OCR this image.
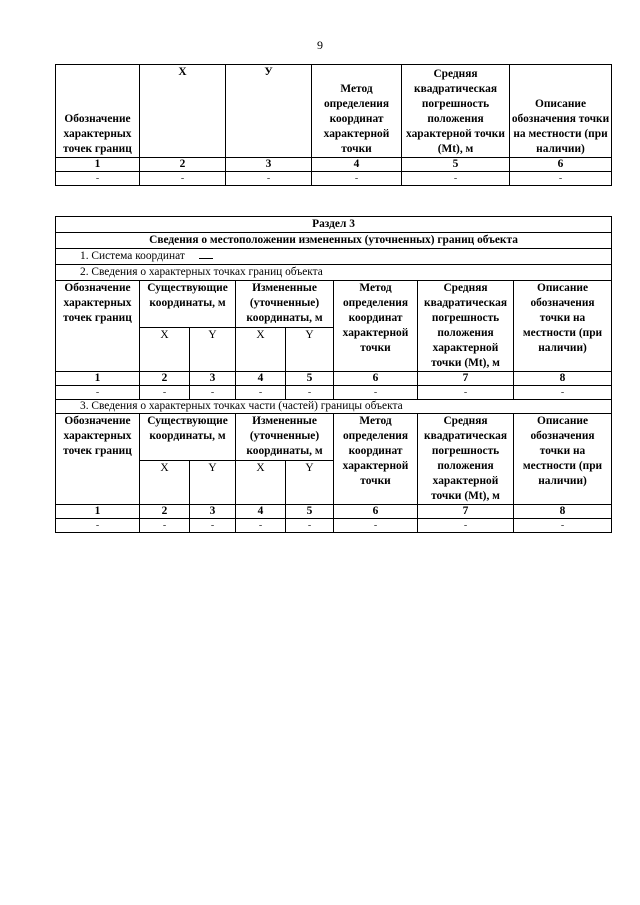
9
Обозначение характерных точек границ	Х	У	Метод определения координат характерной точки	Средняя квадратическая погрешность положения характерной точки (Mt), м	Описание обозначения точки на местности (при наличии)
1	2	3	4	5	6
-	-	-	-	-	-
Раздел 3							
Сведения о местоположении измененных (уточненных) границ объекта							
1. Система координат							
2. Сведения о характерных точках границ объекта							
Обозначение характерных точек границ	Существующие координаты, м		Измененные (уточненные) координаты, м		Метод определения координат характерной точки	Средняя квадратическая погрешность положения характерной точки (Mt), м	Описание обозначения точки на местности (при наличии)
	X	Y	X	Y			
1	2	3	4	5	6	7	8
-	-	-	-	-	-	-	-
3. Сведения о характерных точках части (частей) границы объекта							
Обозначение характерных точек границ	Существующие координаты, м		Измененные (уточненные) координаты, м		Метод определения координат характерной точки	Средняя квадратическая погрешность положения характерной точки (Mt), м	Описание обозначения точки на местности (при наличии)
	X	Y	X	Y			
1	2	3	4	5	6	7	8
-	-	-	-	-	-	-	-
